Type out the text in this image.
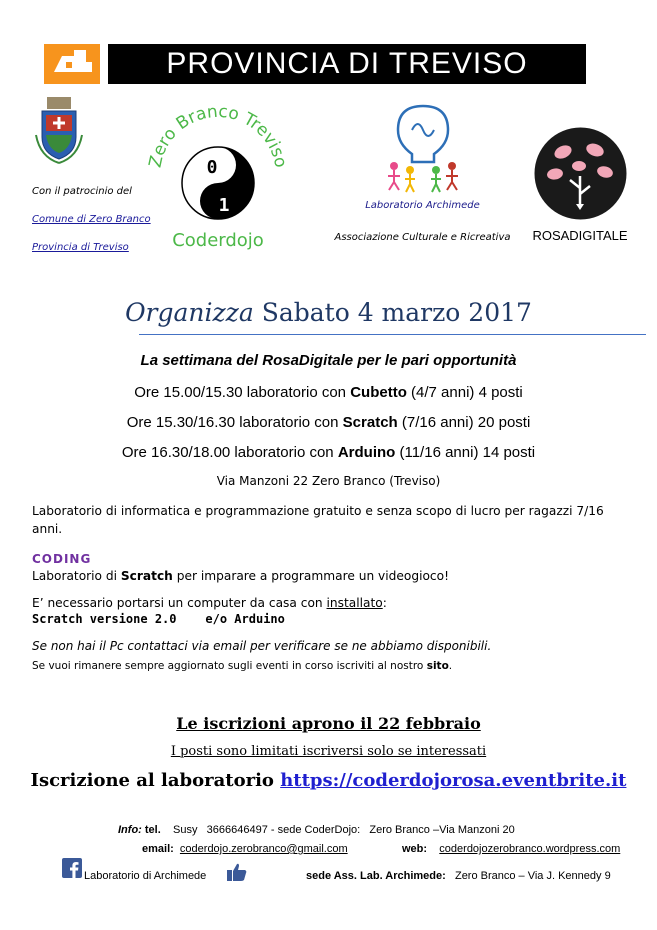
PROVINCIA DI TREVISO
Con il patrocinio del
Comune di Zero Branco
Provincia di Treviso
Zero Branco Treviso
0
1
Coderdojo
Laboratorio Archimede
Associazione Culturale e Ricreativa	ROSADIGITALE
Organizza Sabato 4 marzo 2017
La settimana del RosaDigitale per le pari opportunità
Ore 15.00/15.30 laboratorio con Cubetto (4/7 anni) 4 posti
Ore 15.30/16.30 laboratorio con Scratch (7/16 anni) 20 posti
Ore 16.30/18.00 laboratorio con Arduino (11/16 anni) 14 posti
Via Manzoni 22 Zero Branco (Treviso)
Laboratorio di informatica e programmazione gratuito e senza scopo di lucro per ragazzi 7/16 anni.
CODING
Laboratorio di Scratch per imparare a programmare un videogioco!
E’ necessario portarsi un computer da casa con installato:
Scratch versione 2.0    e/o Arduino
Se non hai il Pc contattaci via email per verificare se ne abbiamo disponibili.
Se vuoi rimanere sempre aggiornato sugli eventi in corso iscriviti al nostro sito.
Le iscrizioni aprono il 22 febbraio
I posti sono limitati iscriversi solo se interessati
Iscrizione al laboratorio https://coderdojorosa.eventbrite.it
Info: tel. Susy 3666646497 - sede CoderDojo: Zero Branco –Via Manzoni 20
email: coderdojo.zerobranco@gmail.com	web: coderdojozerobranco.wordpress.com
Laboratorio di Archimede	sede Ass. Lab. Archimede: Zero Branco – Via J. Kennedy 9
